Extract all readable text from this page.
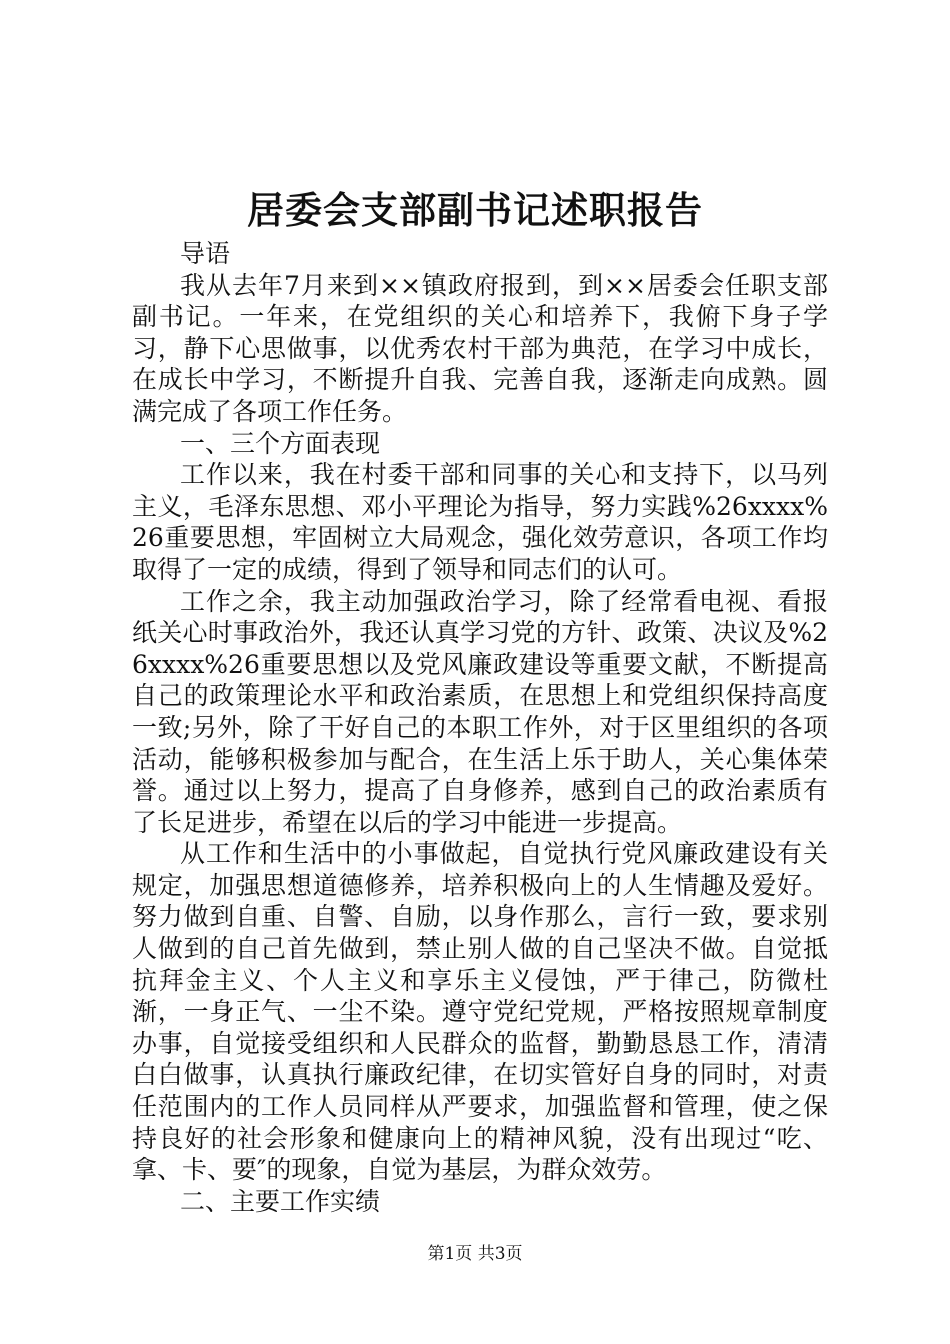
居委会支部副书记述职报告

导语

我从去年7月来到××镇政府报到，到××居委会任职支部副书记。一年来，在党组织的关心和培养下，我俯下身子学习，静下心思做事，以优秀农村干部为典范，在学习中成长，在成长中学习，不断提升自我、完善自我，逐渐走向成熟。圆满完成了各项工作任务。

一、三个方面表现

工作以来，我在村委干部和同事的关心和支持下，以马列主义，毛泽东思想、邓小平理论为指导，努力实践%26xxxx%26重要思想，牢固树立大局观念，强化效劳意识，各项工作均取得了一定的成绩，得到了领导和同志们的认可。

工作之余，我主动加强政治学习，除了经常看电视、看报纸关心时事政治外，我还认真学习党的方针、政策、决议及%26xxxx%26重要思想以及党风廉政建设等重要文献，不断提高自己的政策理论水平和政治素质，在思想上和党组织保持高度一致;另外，除了干好自己的本职工作外，对于区里组织的各项活动，能够积极参加与配合，在生活上乐于助人，关心集体荣誉。通过以上努力，提高了自身修养，感到自己的政治素质有了长足进步，希望在以后的学习中能进一步提高。

从工作和生活中的小事做起，自觉执行党风廉政建设有关规定，加强思想道德修养，培养积极向上的人生情趣及爱好。努力做到自重、自警、自励，以身作那么，言行一致，要求别人做到的自己首先做到，禁止别人做的自己坚决不做。自觉抵抗拜金主义、个人主义和享乐主义侵蚀，严于律己，防微杜渐，一身正气、一尘不染。遵守党纪党规，严格按照规章制度办事，自觉接受组织和人民群众的监督，勤勤恳恳工作，清清白白做事，认真执行廉政纪律，在切实管好自身的同时，对责任范围内的工作人员同样从严要求，加强监督和管理，使之保持良好的社会形象和健康向上的精神风貌，没有出现过“吃、拿、卡、要″的现象，自觉为基层，为群众效劳。

二、主要工作实绩

第1页 共3页
